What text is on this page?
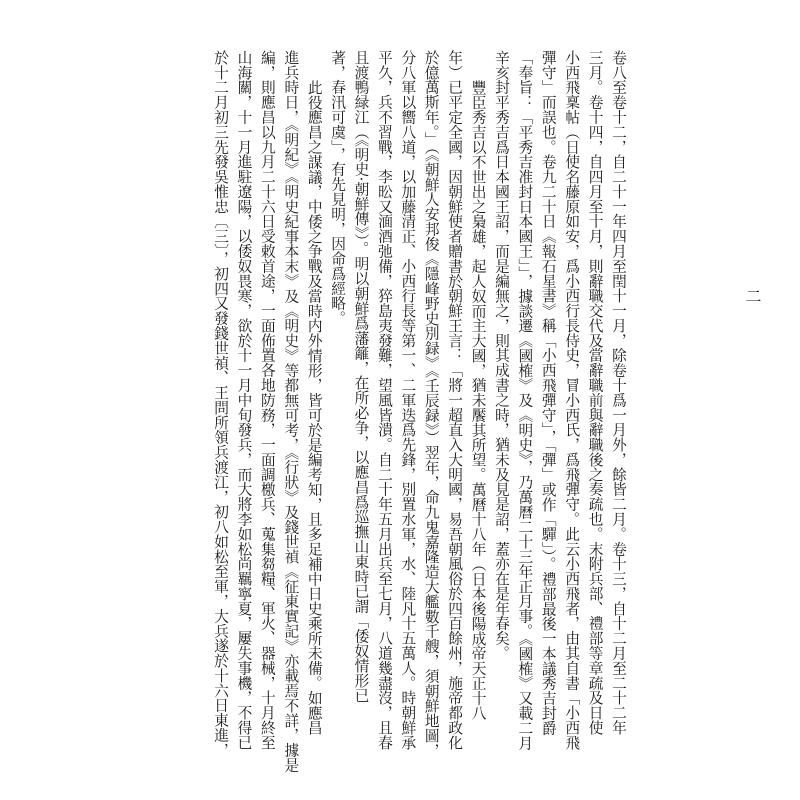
卷八至卷十二，自二十一年四月至閏十一月，除卷十爲一月外，餘皆二月。卷十三，自十二月至二十二年
三月。卷十四，自四月至十月，則辭職交代及當辭職前與辭職後之奏疏也。末附兵部、禮部等章疏及日使
小西飛稟帖（日使名藤原如安，爲小西行長侍史，冒小西氏，爲飛彈守。此云小西飛者，由其自書「小西飛
彈守」而誤也。卷九二十日《報石星書》稱「小西飛彈守」，「彈」或作「驒」）。禮部最後一本議秀吉封爵
「奉旨：「平秀吉准封日本國王」」，據談遷《國榷》及《明史》，乃萬曆二十三年正月事。《國榷》又載二月
辛亥封平秀吉爲日本國王詔，而是編無之，則其成書之時，猶未及見是詔，蓋亦在是年春矣。
豐臣秀吉以不世出之梟雄，起人奴而主大國，猶未饜其所望。萬曆十八年（日本後陽成帝天正十八
年）已平定全國，因朝鮮使者贈書於朝鮮王言：「將一超直入大明國，易吾朝風俗於四百餘州，施帝都政化
於億萬斯年。」（《朝鮮人安邦俊《隱峰野史別録》《壬辰録》）翌年，命九鬼嘉隆造大艦數千艘，須朝鮮地圖，
分八軍以嚮八道，以加藤清正、小西行長等第一、二軍迭爲先鋒，別置水軍，水、陸凡十五萬人。時朝鮮承
平久，兵不習戰，李昖又湎酒弛備，猝島夷發難，望風皆潰。自二十年五月出兵至七月，八道幾盡沒，且春
且渡鴨緑江（《明史·朝鮮傳》）。明以朝鮮爲藩籬，在所必争，以應昌爲巡撫山東時已謂「倭奴情形已
著，春汛可虞」，有先見明，因命爲經略。
此役應昌之謀議，中倭之争戰及當時内外情形，皆可於是編考知，且多足補中日史乘所未備。如應昌
進兵時日，《明紀》《明史紀事本末》及《明史》等都無可考，《行狀》及錢世禎《征東實記》亦載焉不詳，據是
編，則應昌以九月二十六日受敕首途，一面佈置各地防務，一面調檄兵、蒐集芻糧、軍火、器械，十月終至
山海關，十一月進駐遼陽，以倭奴畏寒，欲於十一月中旬發兵，而大將李如松尚羈寧夏，屢失事機，不得已
於十二月初三先發吳惟忠〔三〕，初四又發錢世禎、王問所領兵渡江，初八如松至軍，大兵遂於十六日東進，	二
